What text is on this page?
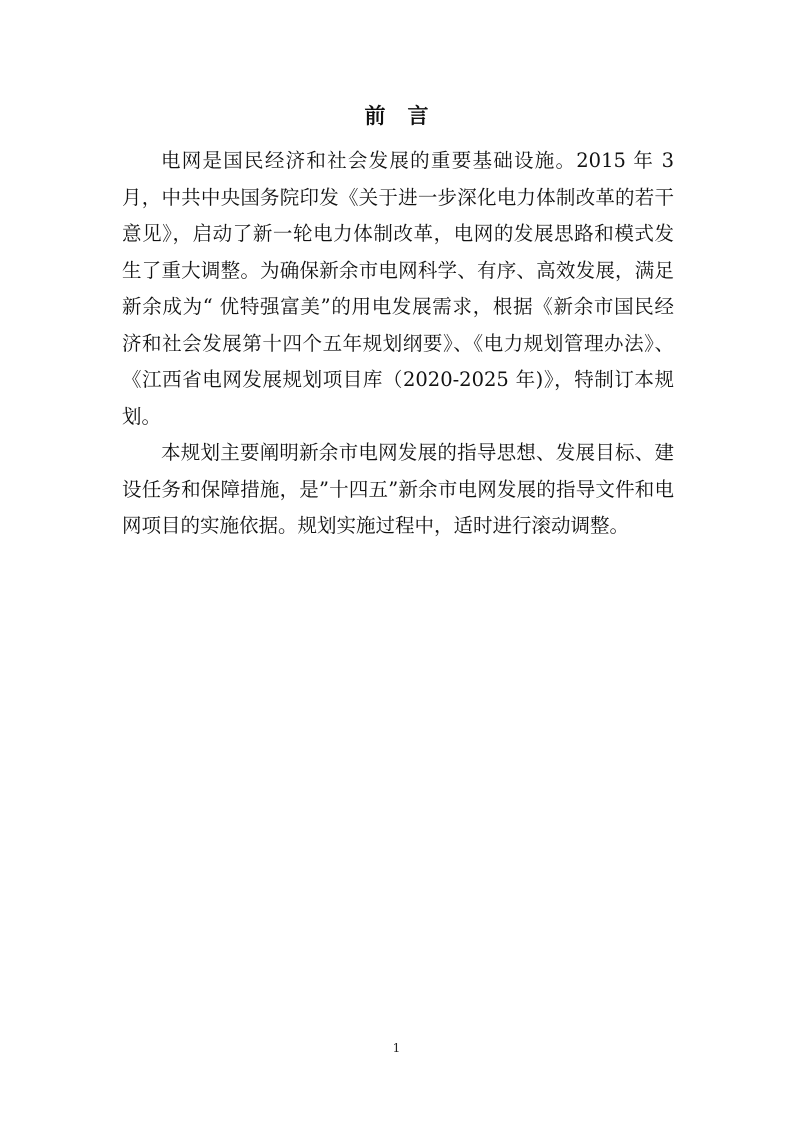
前 言

电网是国民经济和社会发展的重要基础设施。2015 年 3 月，中共中央国务院印发《关于进一步深化电力体制改革的若干意见》，启动了新一轮电力体制改革，电网的发展思路和模式发生了重大调整。为确保新余市电网科学、有序、高效发展，满足新余成为“ 优特强富美”的用电发展需求，根据《新余市国民经济和社会发展第十四个五年规划纲要》、《电力规划管理办法》、《江西省电网发展规划项目库（2020-2025 年)》，特制订本规划。

本规划主要阐明新余市电网发展的指导思想、发展目标、建设任务和保障措施，是”十四五”新余市电网发展的指导文件和电网项目的实施依据。规划实施过程中，适时进行滚动调整。

1
